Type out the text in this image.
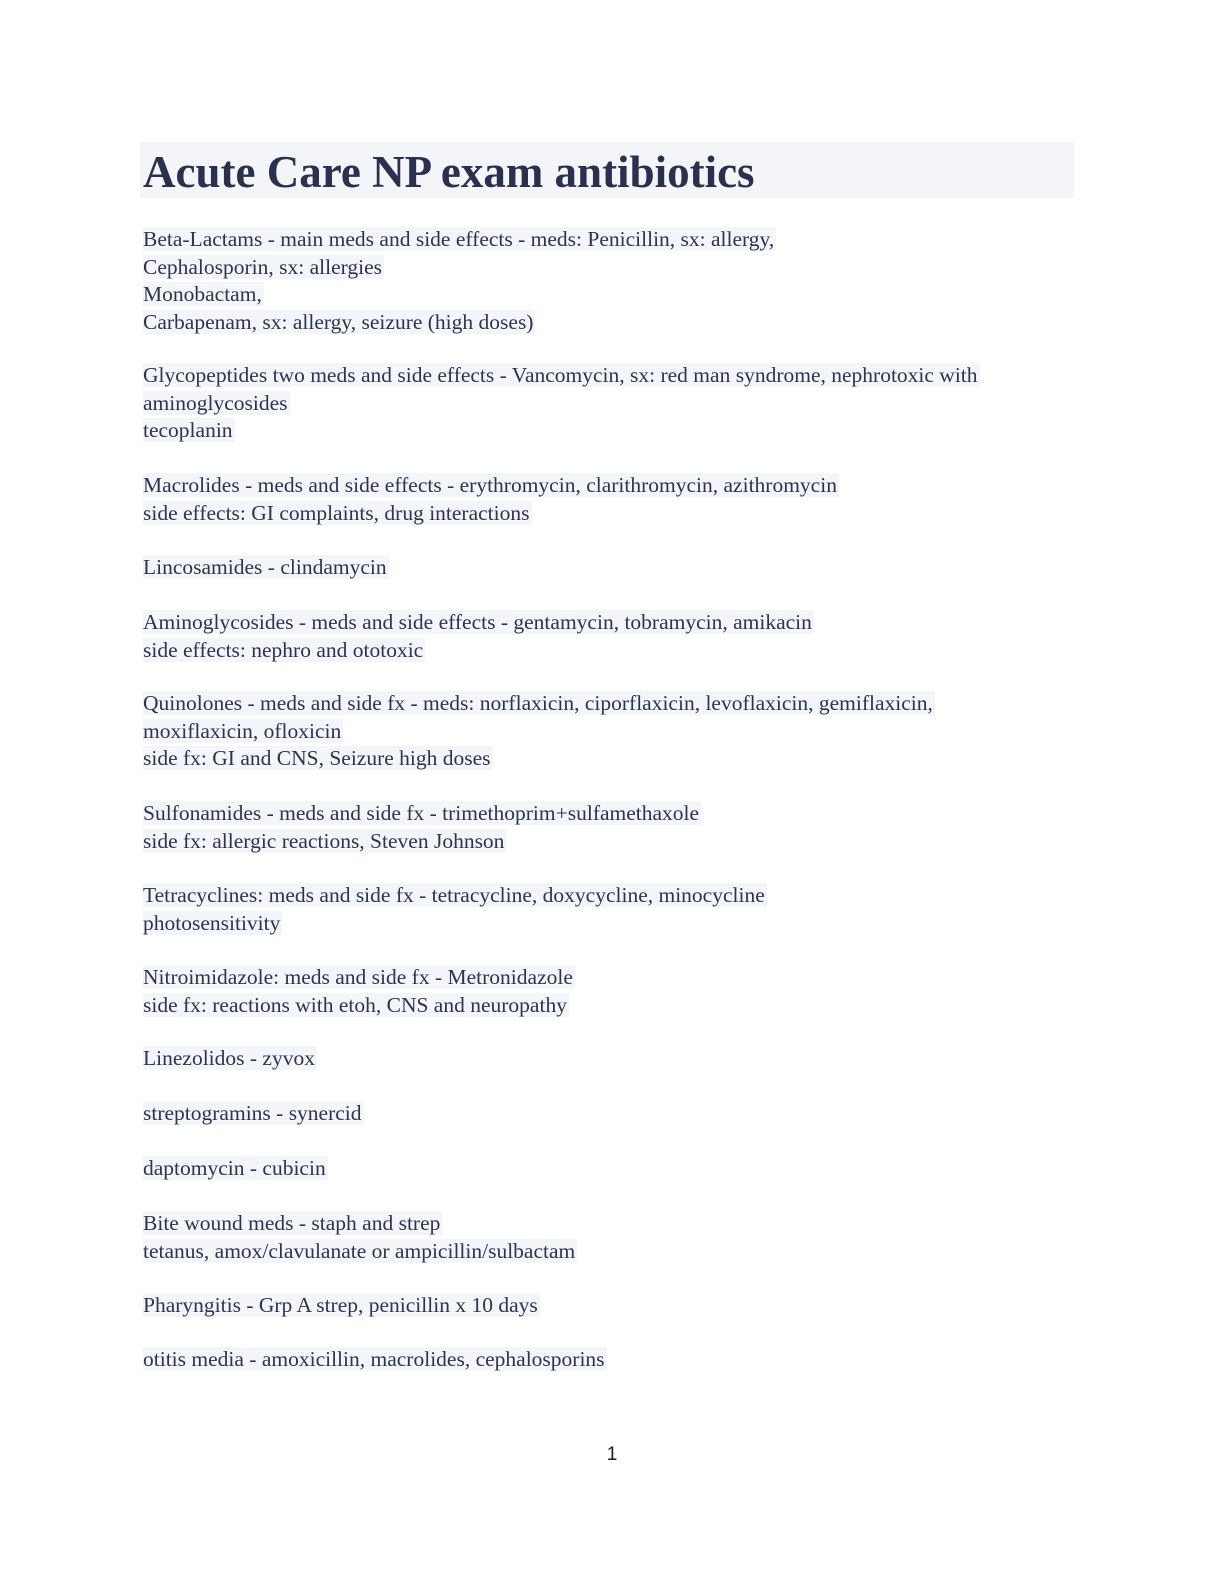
Acute Care NP exam antibiotics
Beta-Lactams - main meds and side effects - meds: Penicillin, sx: allergy,
Cephalosporin, sx: allergies
Monobactam,
Carbapenam, sx: allergy, seizure (high doses)
Glycopeptides two meds and side effects - Vancomycin, sx: red man syndrome, nephrotoxic with
aminoglycosides
tecoplanin
Macrolides - meds and side effects - erythromycin, clarithromycin, azithromycin
side effects: GI complaints, drug interactions
Lincosamides - clindamycin
Aminoglycosides - meds and side effects - gentamycin, tobramycin, amikacin
side effects: nephro and ototoxic
Quinolones - meds and side fx - meds: norflaxicin, ciporflaxicin, levoflaxicin, gemiflaxicin,
moxiflaxicin, ofloxicin
side fx: GI and CNS, Seizure high doses
Sulfonamides - meds and side fx - trimethoprim+sulfamethaxole
side fx: allergic reactions, Steven Johnson
Tetracyclines: meds and side fx - tetracycline, doxycycline, minocycline
photosensitivity
Nitroimidazole: meds and side fx - Metronidazole
side fx: reactions with etoh, CNS and neuropathy
Linezolidos - zyvox
streptogramins - synercid
daptomycin - cubicin
Bite wound meds - staph and strep
tetanus, amox/clavulanate or ampicillin/sulbactam
Pharyngitis - Grp A strep, penicillin x 10 days
otitis media - amoxicillin, macrolides, cephalosporins
1
